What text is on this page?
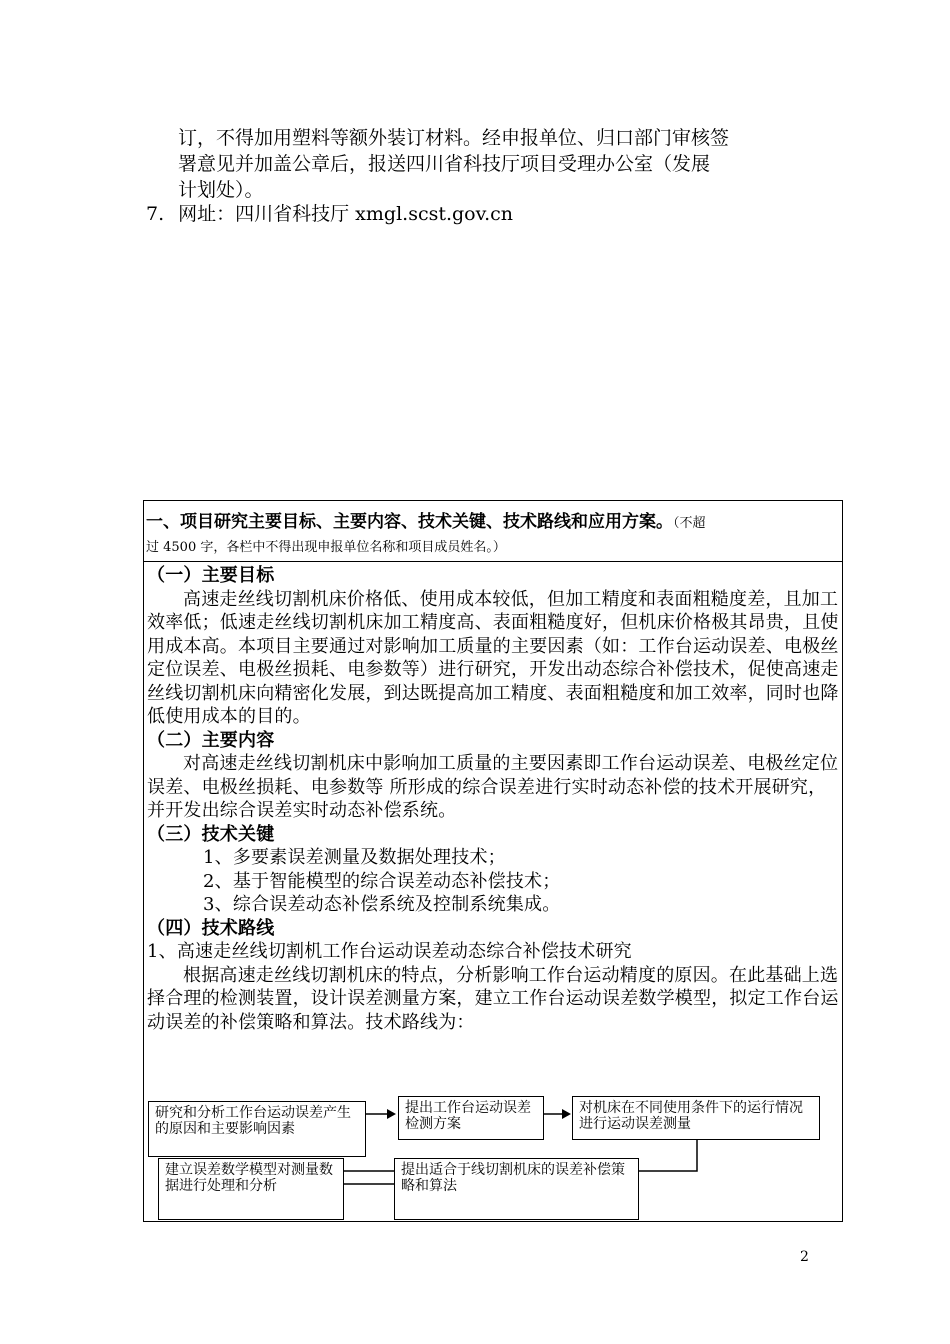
订，不得加用塑料等额外装订材料。经申报单位、归口部门审核签
署意见并加盖公章后，报送四川省科技厅项目受理办公室（发展
计划处）。
7. 网址：四川省科技厅 xmgl.scst.gov.cn
一、项目研究主要目标、主要内容、技术关键、技术路线和应用方案。（不超
过 4500 字，各栏中不得出现申报单位名称和项目成员姓名。）
（一）主要目标
高速走丝线切割机床价格低、使用成本较低，但加工精度和表面粗糙度差，且加工效率低；低速走丝线切割机床加工精度高、表面粗糙度好，但机床价格极其昂贵，且使用成本高。本项目主要通过对影响加工质量的主要因素（如：工作台运动误差、电极丝定位误差、电极丝损耗、电参数等）进行研究，开发出动态综合补偿技术，促使高速走丝线切割机床向精密化发展，到达既提高加工精度、表面粗糙度和加工效率，同时也降低使用成本的目的。
（二）主要内容
对高速走丝线切割机床中影响加工质量的主要因素即工作台运动误差、电极丝定位误差、电极丝损耗、电参数等 所形成的综合误差进行实时动态补偿的技术开展研究，并开发出综合误差实时动态补偿系统。
（三）技术关键
1、多要素误差测量及数据处理技术；
2、基于智能模型的综合误差动态补偿技术；
3、综合误差动态补偿系统及控制系统集成。
（四）技术路线
1、高速走丝线切割机工作台运动误差动态综合补偿技术研究
根据高速走丝线切割机床的特点，分析影响工作台运动精度的原因。在此基础上选择合理的检测装置，设计误差测量方案，建立工作台运动误差数学模型，拟定工作台运动误差的补偿策略和算法。技术路线为：
研究和分析工作台运动误差产生的原因和主要影响因素
提出工作台运动误差检测方案
对机床在不同使用条件下的运行情况进行运动误差测量
建立误差数学模型对测量数据进行处理和分析
提出适合于线切割机床的误差补偿策略和算法
2
